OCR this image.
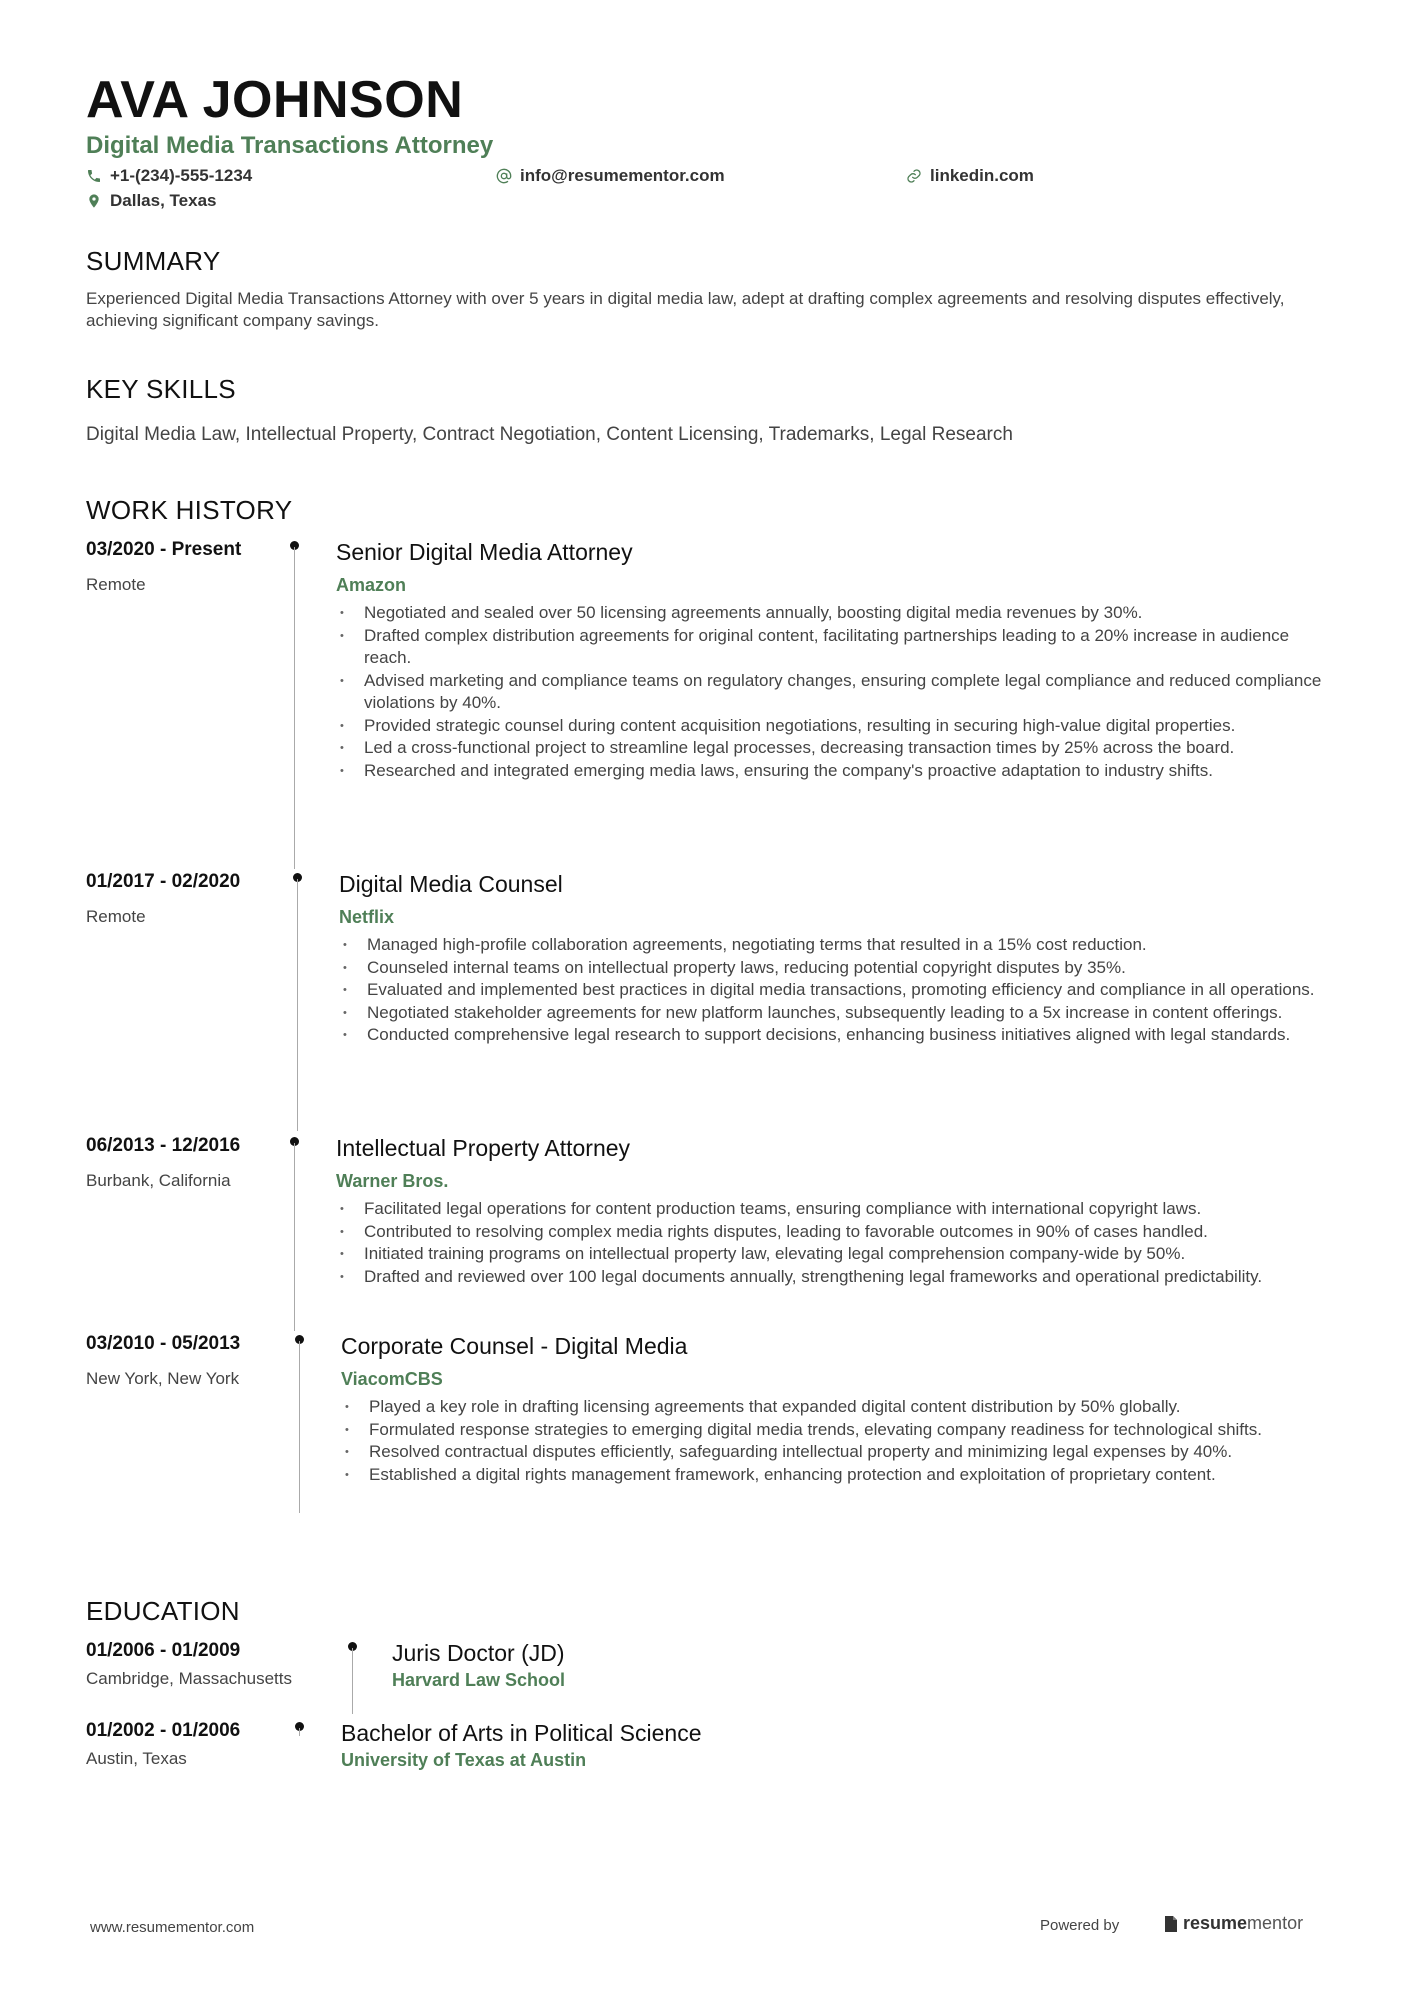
AVA JOHNSON
Digital Media Transactions Attorney
+1-(234)-555-1234	info@resumementor.com	linkedin.com
Dallas, Texas
SUMMARY
Experienced Digital Media Transactions Attorney with over 5 years in digital media law, adept at drafting complex agreements and resolving disputes effectively, achieving significant company savings.
KEY SKILLS
Digital Media Law, Intellectual Property, Contract Negotiation, Content Licensing, Trademarks, Legal Research
WORK HISTORY
03/2020 - Present
Remote
Senior Digital Media Attorney
Amazon
• Negotiated and sealed over 50 licensing agreements annually, boosting digital media revenues by 30%.
• Drafted complex distribution agreements for original content, facilitating partnerships leading to a 20% increase in audience reach.
• Advised marketing and compliance teams on regulatory changes, ensuring complete legal compliance and reduced compliance violations by 40%.
• Provided strategic counsel during content acquisition negotiations, resulting in securing high-value digital properties.
• Led a cross-functional project to streamline legal processes, decreasing transaction times by 25% across the board.
• Researched and integrated emerging media laws, ensuring the company's proactive adaptation to industry shifts.
01/2017 - 02/2020
Remote
Digital Media Counsel
Netflix
• Managed high-profile collaboration agreements, negotiating terms that resulted in a 15% cost reduction.
• Counseled internal teams on intellectual property laws, reducing potential copyright disputes by 35%.
• Evaluated and implemented best practices in digital media transactions, promoting efficiency and compliance in all operations.
• Negotiated stakeholder agreements for new platform launches, subsequently leading to a 5x increase in content offerings.
• Conducted comprehensive legal research to support decisions, enhancing business initiatives aligned with legal standards.
06/2013 - 12/2016
Burbank, California
Intellectual Property Attorney
Warner Bros.
• Facilitated legal operations for content production teams, ensuring compliance with international copyright laws.
• Contributed to resolving complex media rights disputes, leading to favorable outcomes in 90% of cases handled.
• Initiated training programs on intellectual property law, elevating legal comprehension company-wide by 50%.
• Drafted and reviewed over 100 legal documents annually, strengthening legal frameworks and operational predictability.
03/2010 - 05/2013
New York, New York
Corporate Counsel - Digital Media
ViacomCBS
• Played a key role in drafting licensing agreements that expanded digital content distribution by 50% globally.
• Formulated response strategies to emerging digital media trends, elevating company readiness for technological shifts.
• Resolved contractual disputes efficiently, safeguarding intellectual property and minimizing legal expenses by 40%.
• Established a digital rights management framework, enhancing protection and exploitation of proprietary content.
EDUCATION
01/2006 - 01/2009
Cambridge, Massachusetts
Juris Doctor (JD)
Harvard Law School
01/2002 - 01/2006
Austin, Texas
Bachelor of Arts in Political Science
University of Texas at Austin
www.resumementor.com	Powered by	resume mentor
